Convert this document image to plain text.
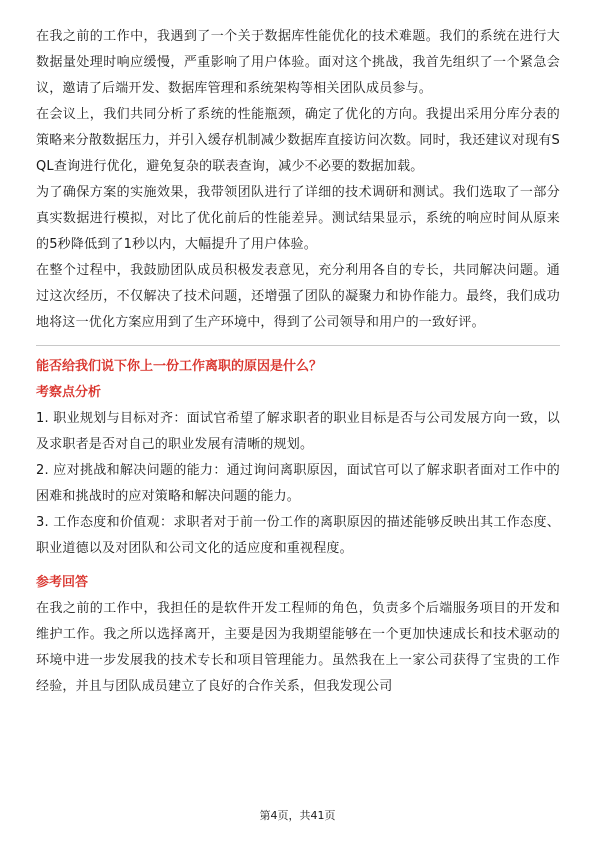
在我之前的工作中，我遇到了一个关于数据库性能优化的技术难题。我们的系统在进行大数据量处理时响应缓慢，严重影响了用户体验。面对这个挑战，我首先组织了一个紧急会议，邀请了后端开发、数据库管理和系统架构等相关团队成员参与。

在会议上，我们共同分析了系统的性能瓶颈，确定了优化的方向。我提出采用分库分表的策略来分散数据压力，并引入缓存机制减少数据库直接访问次数。同时，我还建议对现有SQL查询进行优化，避免复杂的联表查询，减少不必要的数据加载。

为了确保方案的实施效果，我带领团队进行了详细的技术调研和测试。我们选取了一部分真实数据进行模拟，对比了优化前后的性能差异。测试结果显示，系统的响应时间从原来的5秒降低到了1秒以内，大幅提升了用户体验。

在整个过程中，我鼓励团队成员积极发表意见，充分利用各自的专长，共同解决问题。通过这次经历，不仅解决了技术问题，还增强了团队的凝聚力和协作能力。最终，我们成功地将这一优化方案应用到了生产环境中，得到了公司领导和用户的一致好评。

能否给我们说下你上一份工作离职的原因是什么？

考察点分析

1. 职业规划与目标对齐：面试官希望了解求职者的职业目标是否与公司发展方向一致，以及求职者是否对自己的职业发展有清晰的规划。

2. 应对挑战和解决问题的能力：通过询问离职原因，面试官可以了解求职者面对工作中的困难和挑战时的应对策略和解决问题的能力。

3. 工作态度和价值观：求职者对于前一份工作的离职原因的描述能够反映出其工作态度、职业道德以及对团队和公司文化的适应度和重视程度。

参考回答

在我之前的工作中，我担任的是软件开发工程师的角色，负责多个后端服务项目的开发和维护工作。我之所以选择离开，主要是因为我期望能够在一个更加快速成长和技术驱动的环境中进一步发展我的技术专长和项目管理能力。虽然我在上一家公司获得了宝贵的工作经验，并且与团队成员建立了良好的合作关系，但我发现公司

第4页，共41页
